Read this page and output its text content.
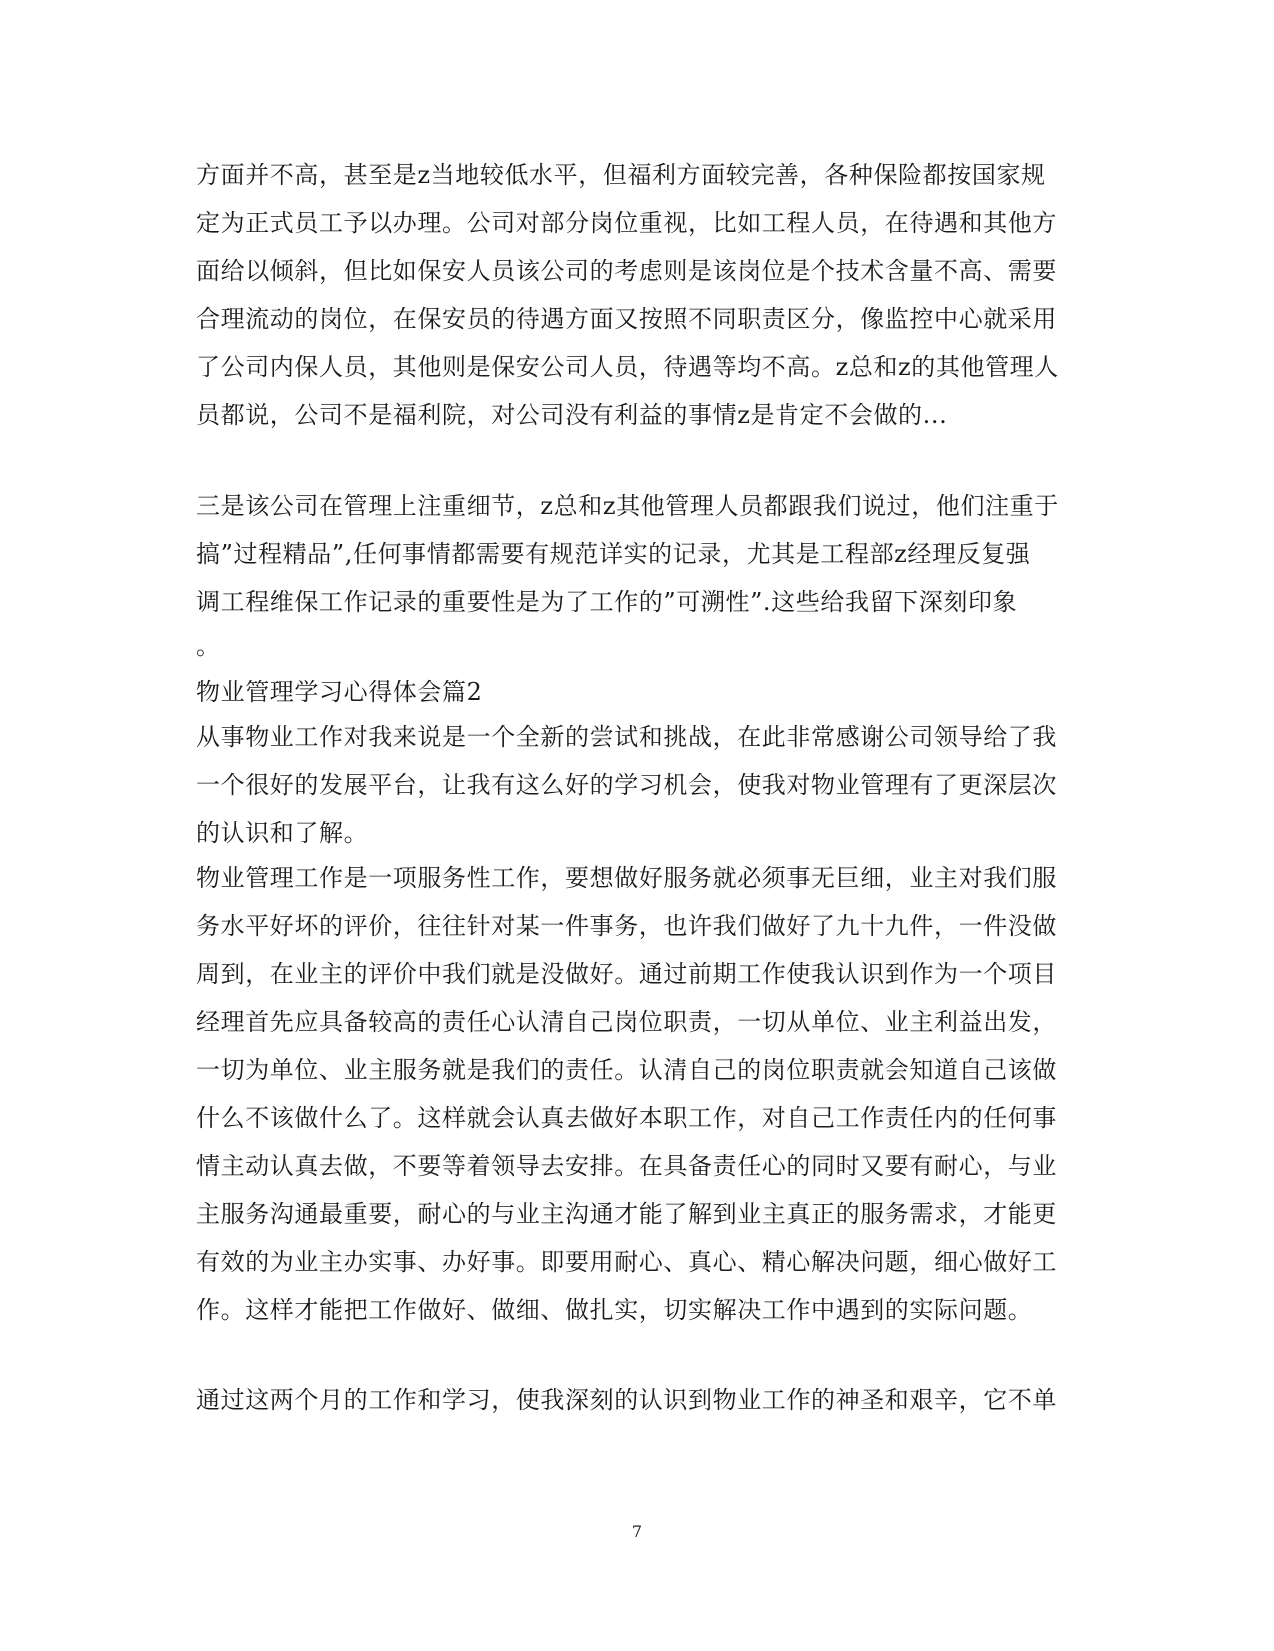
方面并不高，甚至是z当地较低水平，但福利方面较完善，各种保险都按国家规
定为正式员工予以办理。公司对部分岗位重视，比如工程人员，在待遇和其他方
面给以倾斜，但比如保安人员该公司的考虑则是该岗位是个技术含量不高、需要
合理流动的岗位，在保安员的待遇方面又按照不同职责区分，像监控中心就采用
了公司内保人员，其他则是保安公司人员，待遇等均不高。z总和z的其他管理人
员都说，公司不是福利院，对公司没有利益的事情z是肯定不会做的...
三是该公司在管理上注重细节，z总和z其他管理人员都跟我们说过，他们注重于
搞”过程精品”,任何事情都需要有规范详实的记录，尤其是工程部z经理反复强
调工程维保工作记录的重要性是为了工作的”可溯性”.这些给我留下深刻印象
。
物业管理学习心得体会篇2
从事物业工作对我来说是一个全新的尝试和挑战，在此非常感谢公司领导给了我
一个很好的发展平台，让我有这么好的学习机会，使我对物业管理有了更深层次
的认识和了解。
物业管理工作是一项服务性工作，要想做好服务就必须事无巨细，业主对我们服
务水平好坏的评价，往往针对某一件事务，也许我们做好了九十九件，一件没做
周到，在业主的评价中我们就是没做好。通过前期工作使我认识到作为一个项目
经理首先应具备较高的责任心认清自己岗位职责，一切从单位、业主利益出发，
一切为单位、业主服务就是我们的责任。认清自己的岗位职责就会知道自己该做
什么不该做什么了。这样就会认真去做好本职工作，对自己工作责任内的任何事
情主动认真去做，不要等着领导去安排。在具备责任心的同时又要有耐心，与业
主服务沟通最重要，耐心的与业主沟通才能了解到业主真正的服务需求，才能更
有效的为业主办实事、办好事。即要用耐心、真心、精心解决问题，细心做好工
作。这样才能把工作做好、做细、做扎实，切实解决工作中遇到的实际问题。
通过这两个月的工作和学习，使我深刻的认识到物业工作的神圣和艰辛，它不单
7
